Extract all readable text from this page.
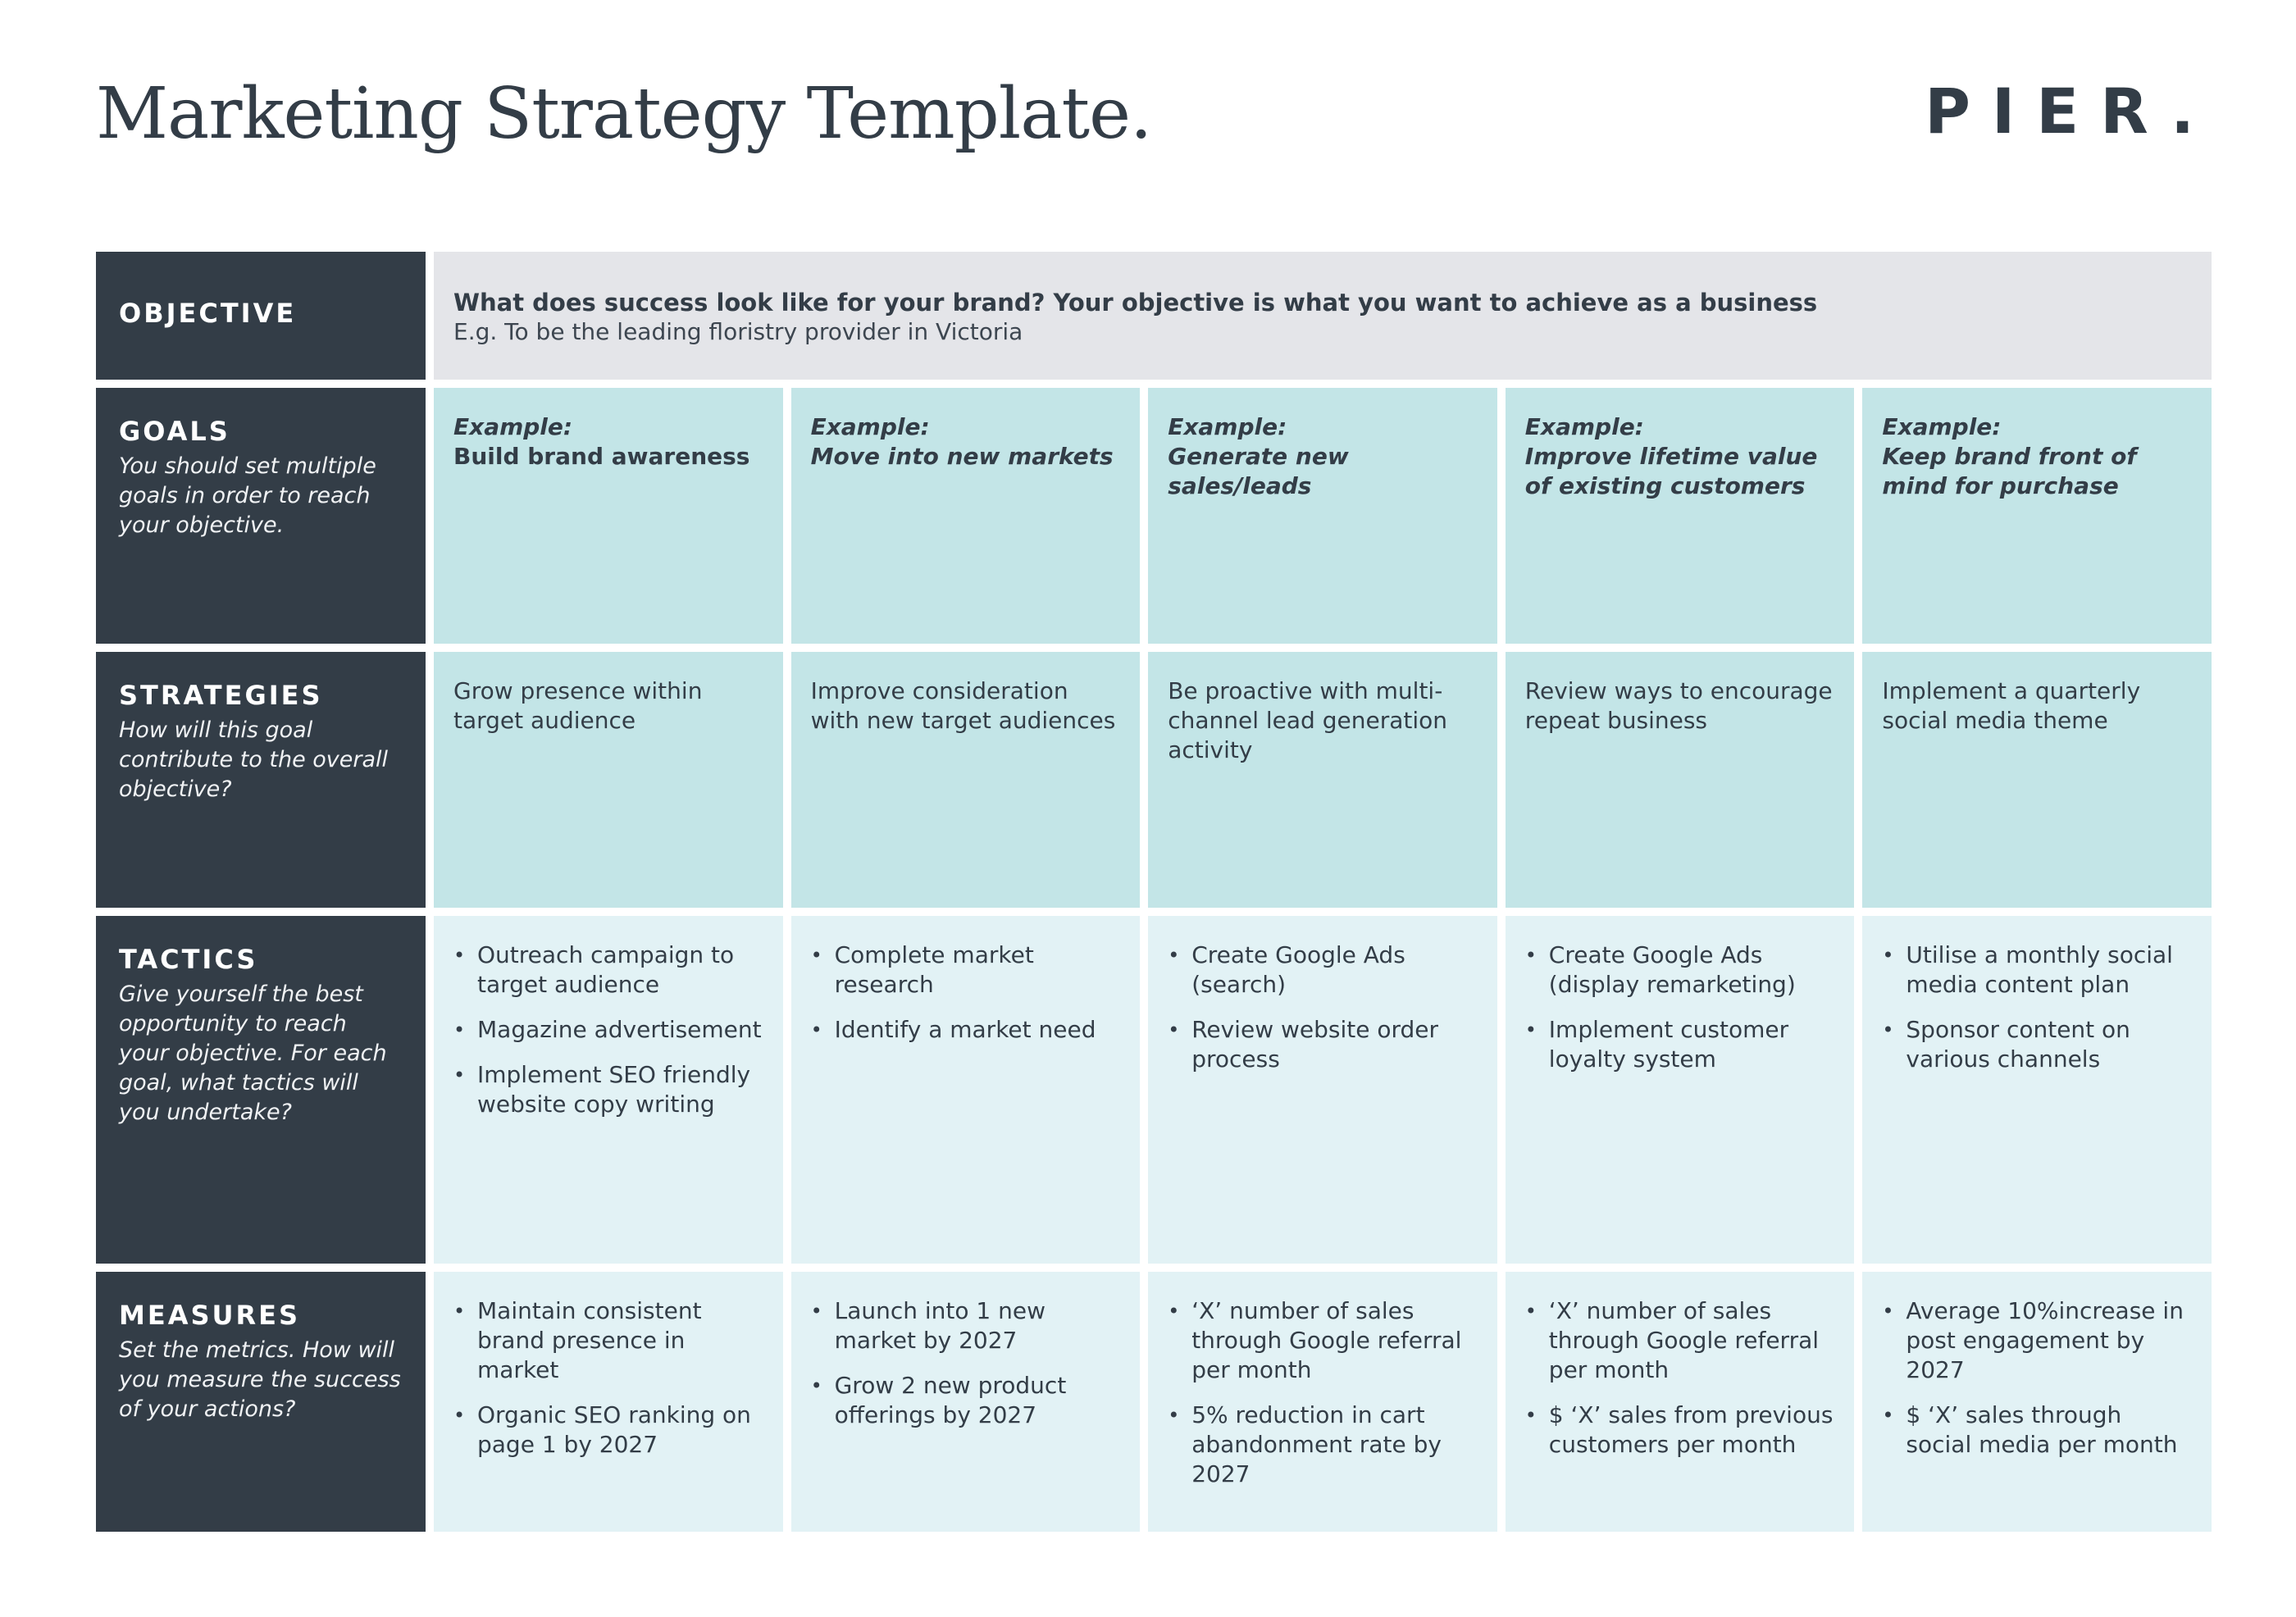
Marketing Strategy Template.	PIER.
OBJECTIVE	What does success look like for your brand? Your objective is what you want to achieve as a business
E.g. To be the leading floristry provider in Victoria
GOALS
You should set multiple goals in order to reach your objective.
Example:
Build brand awareness
Example:
Move into new markets
Example:
Generate new sales/leads
Example:
Improve lifetime value of existing customers
Example:
Keep brand front of mind for purchase
STRATEGIES
How will this goal contribute to the overall objective?
Grow presence within target audience
Improve consideration with new target audiences
Be proactive with multi-channel lead generation activity
Review ways to encourage repeat business
Implement a quarterly social media theme
TACTICS
Give yourself the best opportunity to reach your objective. For each goal, what tactics will you undertake?
• Outreach campaign to target audience
• Magazine advertisement
• Implement SEO friendly website copy writing
• Complete market research
• Identify a market need
• Create Google Ads (search)
• Review website order process
• Create Google Ads (display remarketing)
• Implement customer loyalty system
• Utilise a monthly social media content plan
• Sponsor content on various channels
MEASURES
Set the metrics. How will you measure the success of your actions?
• Maintain consistent brand presence in market
• Organic SEO ranking on page 1 by 2027
• Launch into 1 new market by 2027
• Grow 2 new product offerings by 2027
• ‘X’ number of sales through Google referral per month
• 5% reduction in cart abandonment rate by 2027
• ‘X’ number of sales through Google referral per month
• $ ‘X’ sales from previous customers per month
• Average 10%increase in post engagement by 2027
• $ ‘X’ sales through social media per month
